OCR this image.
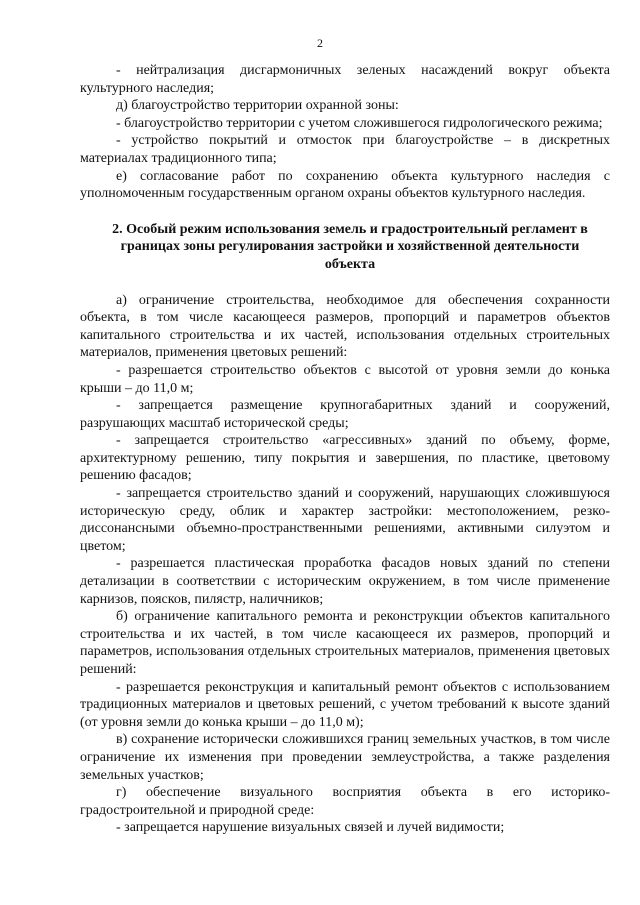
2

- нейтрализация дисгармоничных зеленых насаждений вокруг объекта культурного наследия;

д) благоустройство территории охранной зоны:

- благоустройство территории с учетом сложившегося гидрологического режима;

- устройство покрытий и отмосток при благоустройстве – в дискретных материалах традиционного типа;

е) согласование работ по сохранению объекта культурного наследия с уполномоченным государственным органом охраны объектов культурного наследия.

2. Особый режим использования земель и градостроительный регламент в границах зоны регулирования застройки и хозяйственной деятельности объекта

а) ограничение строительства, необходимое для обеспечения сохранности объекта, в том числе касающееся размеров, пропорций и параметров объектов капитального строительства и их частей, использования отдельных строительных материалов, применения цветовых решений:

- разрешается строительство объектов с высотой от уровня земли до конька крыши – до 11,0 м;

- запрещается размещение крупногабаритных зданий и сооружений, разрушающих масштаб исторической среды;

- запрещается строительство «агрессивных» зданий по объему, форме, архитектурному решению, типу покрытия и завершения, по пластике, цветовому решению фасадов;

- запрещается строительство зданий и сооружений, нарушающих сложившуюся историческую среду, облик и характер застройки: местоположением, резко-диссонансными объемно-пространственными решениями, активными силуэтом и цветом;

- разрешается пластическая проработка фасадов новых зданий по степени детализации в соответствии с историческим окружением, в том числе применение карнизов, поясков, пилястр, наличников;

б) ограничение капитального ремонта и реконструкции объектов капитального строительства и их частей, в том числе касающееся их размеров, пропорций и параметров, использования отдельных строительных материалов, применения цветовых решений:

- разрешается реконструкция и капитальный ремонт объектов с использованием традиционных материалов и цветовых решений, с учетом требований к высоте зданий (от уровня земли до конька крыши – до 11,0 м);

в) сохранение исторически сложившихся границ земельных участков, в том числе ограничение их изменения при проведении землеустройства, а также разделения земельных участков;

г) обеспечение визуального восприятия объекта в его историко-градостроительной и природной среде:

- запрещается нарушение визуальных связей и лучей видимости;
